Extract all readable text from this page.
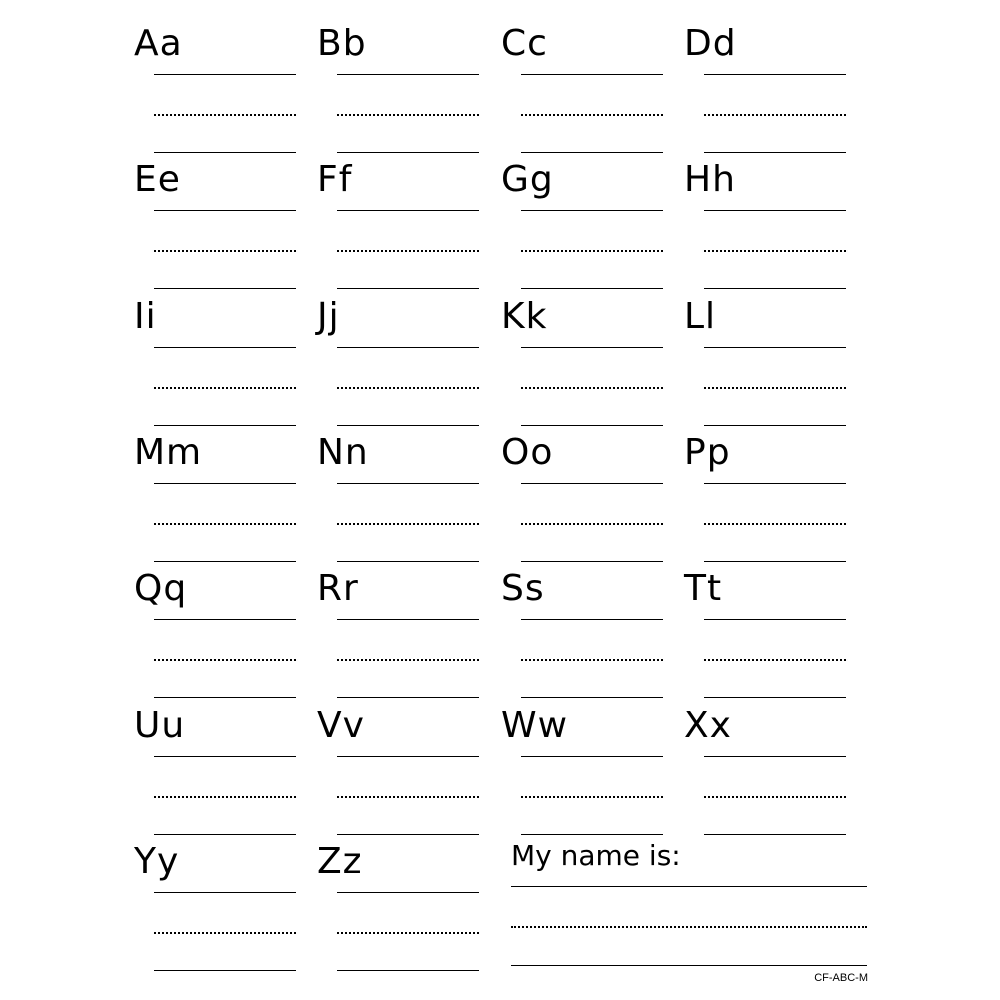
Aa	Bb	Cc	Dd
Ee	Ff	Gg	Hh
Ii	Jj	Kk	Ll
Mm	Nn	Oo	Pp
Qq	Rr	Ss	Tt
Uu	Vv	Ww	Xx
Yy	Zz	My name is:
CF-ABC-M
